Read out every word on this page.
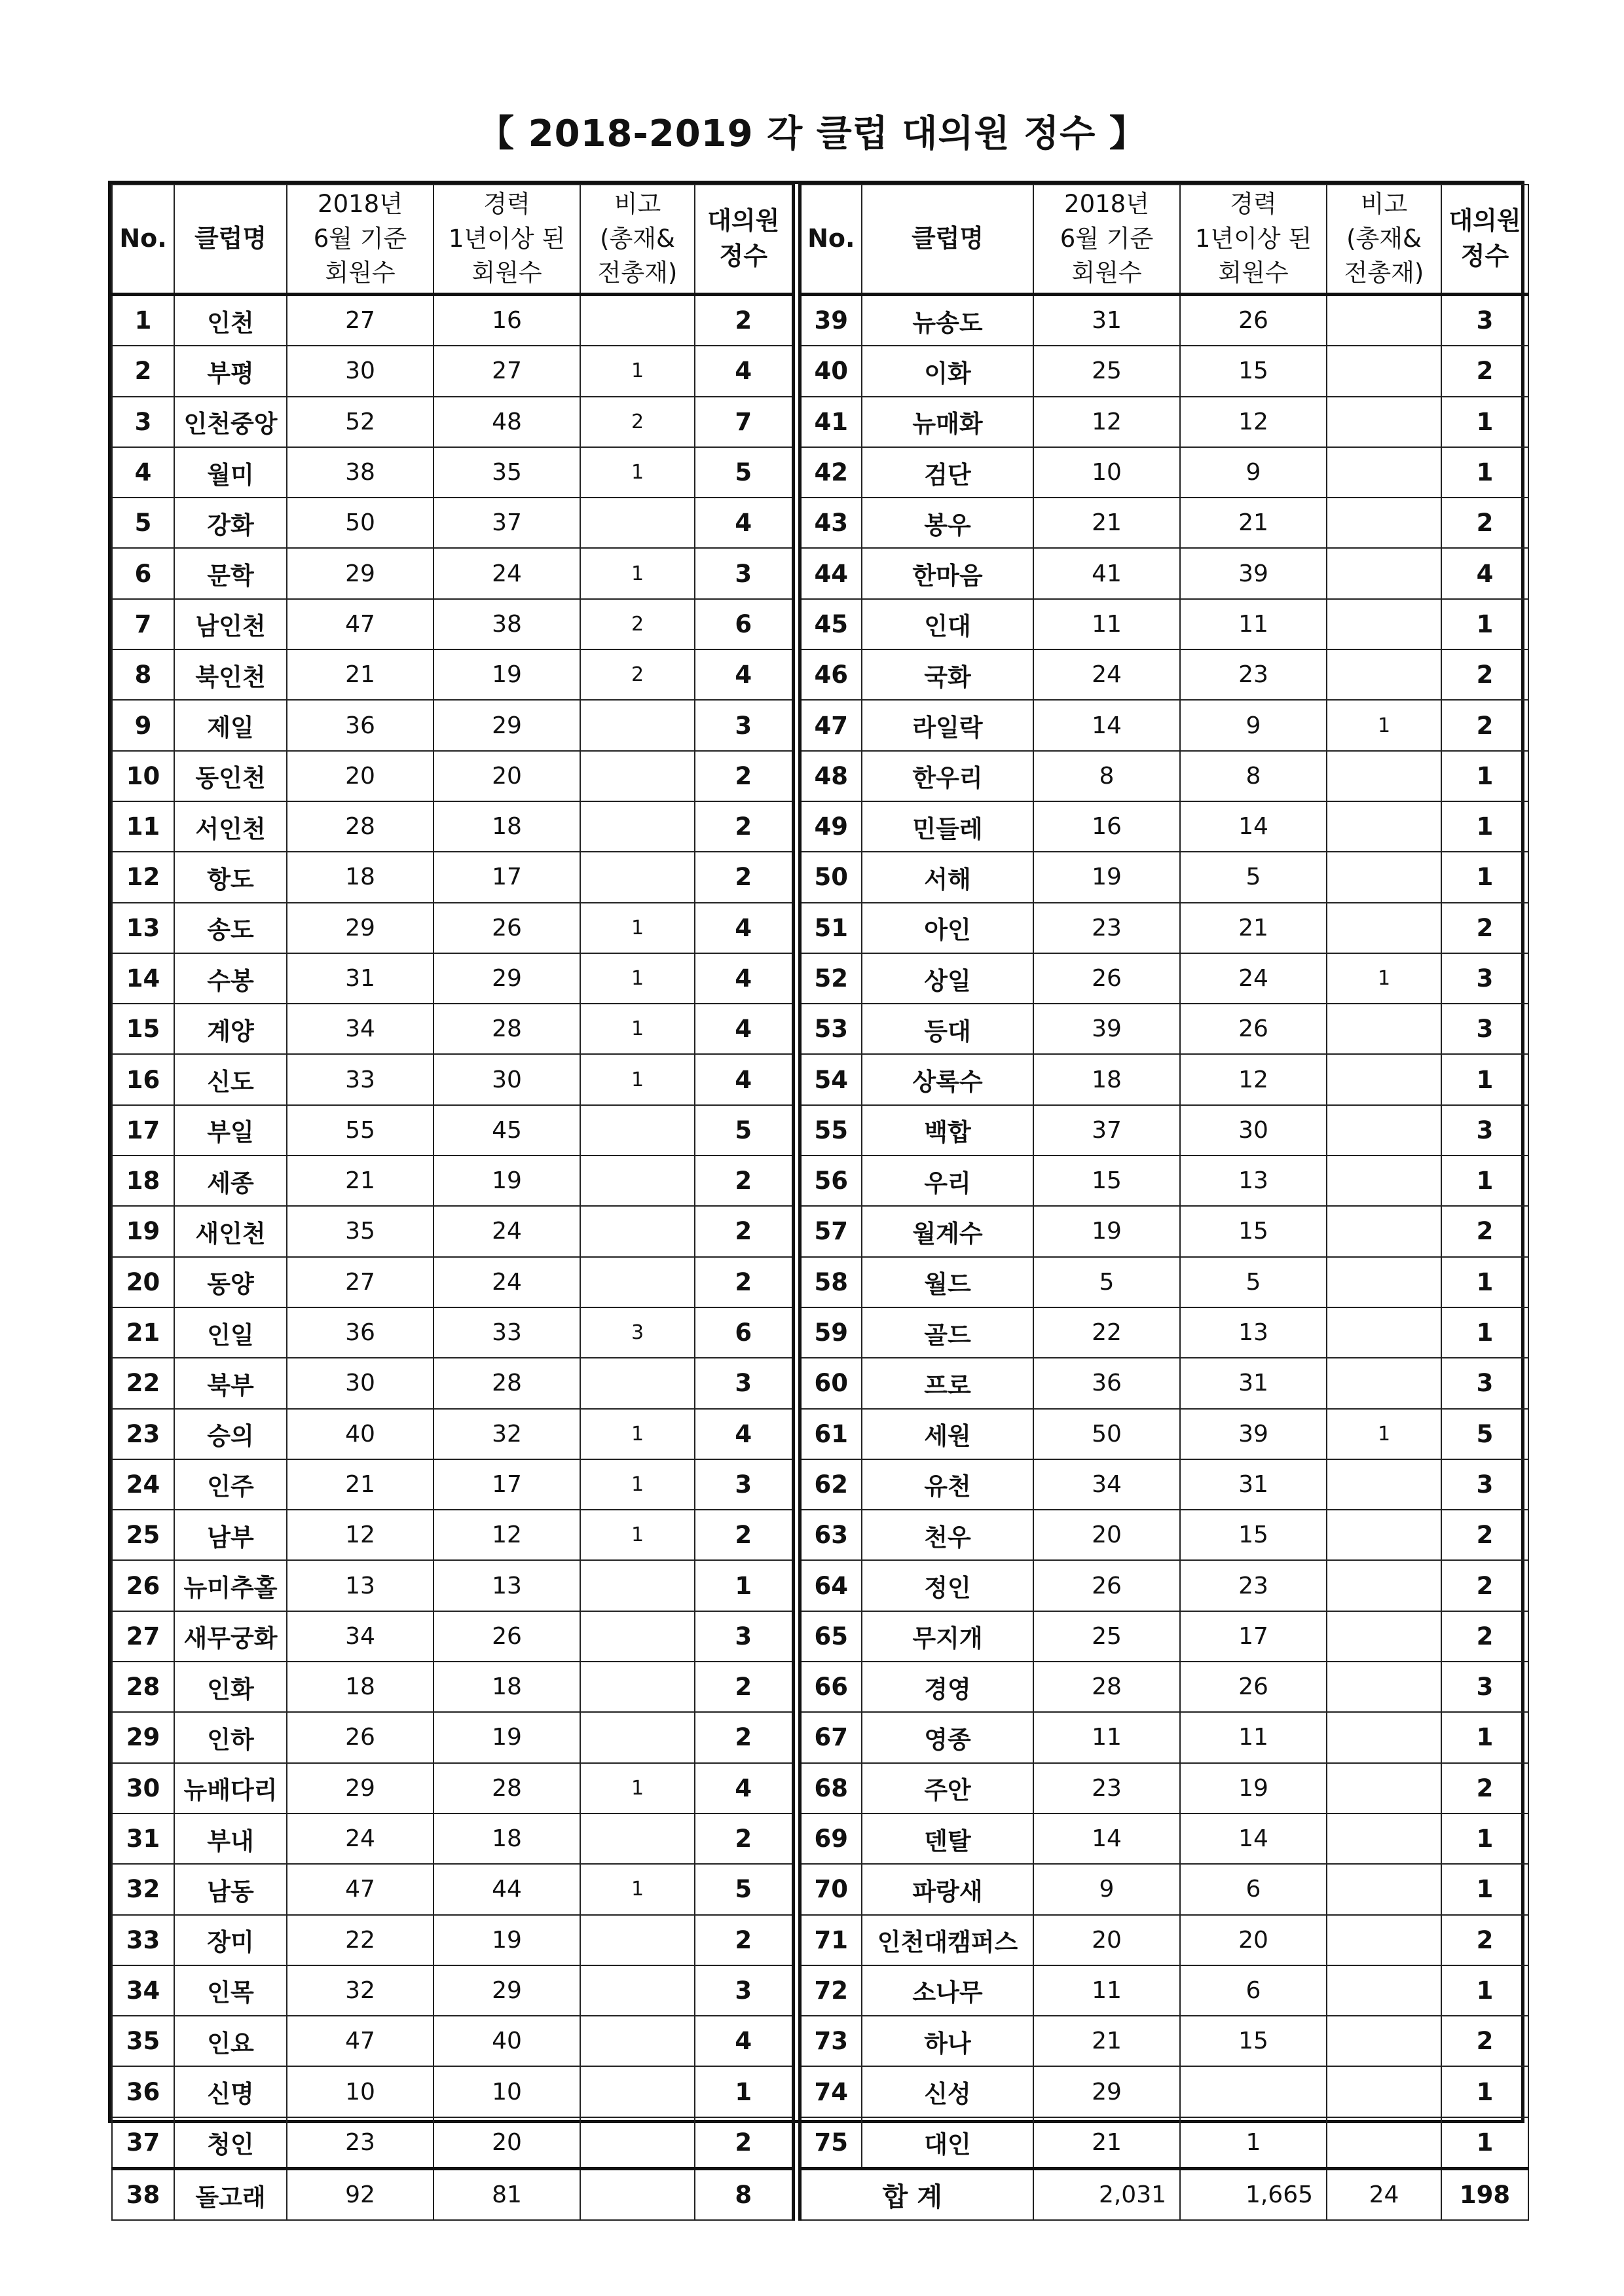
【 2018-2019 각 클럽 대의원 정수 】
No.	클럽명	2018년
6월 기준
회원수	경력
1년이상 된
회원수	비고
(총재&
전총재)	대의원
정수
1	인천	27	16		2
2	부평	30	27	1	4
3	인천중앙	52	48	2	7
4	월미	38	35	1	5
5	강화	50	37		4
6	문학	29	24	1	3
7	남인천	47	38	2	6
8	북인천	21	19	2	4
9	제일	36	29		3
10	동인천	20	20		2
11	서인천	28	18		2
12	항도	18	17		2
13	송도	29	26	1	4
14	수봉	31	29	1	4
15	계양	34	28	1	4
16	신도	33	30	1	4
17	부일	55	45		5
18	세종	21	19		2
19	새인천	35	24		2
20	동양	27	24		2
21	인일	36	33	3	6
22	북부	30	28		3
23	승의	40	32	1	4
24	인주	21	17	1	3
25	남부	12	12	1	2
26	뉴미추홀	13	13		1
27	새무궁화	34	26		3
28	인화	18	18		2
29	인하	26	19		2
30	뉴배다리	29	28	1	4
31	부내	24	18		2
32	남동	47	44	1	5
33	장미	22	19		2
34	인목	32	29		3
35	인요	47	40		4
36	신명	10	10		1
37	청인	23	20		2
38	돌고래	92	81		8
No.	클럽명	2018년
6월 기준
회원수	경력
1년이상 된
회원수	비고
(총재&
전총재)	대의원
정수
39	뉴송도	31	26		3
40	이화	25	15		2
41	뉴매화	12	12		1
42	검단	10	9		1
43	봉우	21	21		2
44	한마음	41	39		4
45	인대	11	11		1
46	국화	24	23		2
47	라일락	14	9	1	2
48	한우리	8	8		1
49	민들레	16	14		1
50	서해	19	5		1
51	아인	23	21		2
52	상일	26	24	1	3
53	등대	39	26		3
54	상록수	18	12		1
55	백합	37	30		3
56	우리	15	13		1
57	월계수	19	15		2
58	월드	5	5		1
59	골드	22	13		1
60	프로	36	31		3
61	세원	50	39	1	5
62	유천	34	31		3
63	천우	20	15		2
64	정인	26	23		2
65	무지개	25	17		2
66	경영	28	26		3
67	영종	11	11		1
68	주안	23	19		2
69	덴탈	14	14		1
70	파랑새	9	6		1
71	인천대캠퍼스	20	20		2
72	소나무	11	6		1
73	하나	21	15		2
74	신성	29			1
75	대인	21	1		1
합계		2,031	1,665	24	198
